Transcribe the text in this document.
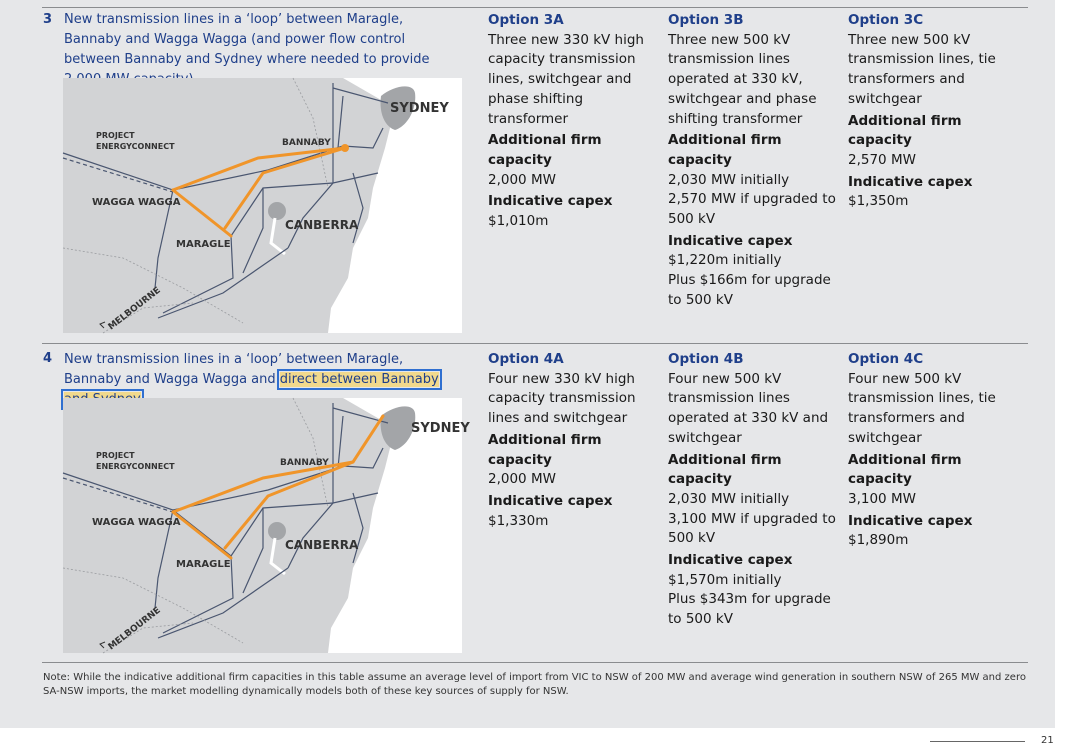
3 New transmission lines in a ‘loop’ between Maragle, Bannaby and Wagga Wagga (and power flow control between Bannaby and Sydney where needed to provide
SYDNEY
PROJECT
ENERGYCONNECT	BANNABY
WAGGA WAGGA
MARAGLE
CANBERRA
MELBOURNE
Option 3A
Three new 330 kV high capacity transmission lines, switchgear and phase shifting transformer
Additional firm capacity
2,000 MW
Indicative capex
$1,010m
Option 3B
Three new 500 kV transmission lines operated at 330 kV, switchgear and phase shifting transformer
Additional firm capacity
2,030 MW initially
2,570 MW if upgraded to 500 kV
Indicative capex
$1,220m initially
Plus $166m for upgrade to 500 kV
Option 3C
Three new 500 kV transmission lines, tie transformers and switchgear
Additional firm capacity
2,570 MW
Indicative capex
$1,350m
4 New transmission lines in a ‘loop’ between Maragle, Bannaby and Wagga Wagga and direct between Bannaby
SYDNEY
PROJECT
ENERGYCONNECT	BANNABY
WAGGA WAGGA
MARAGLE
CANBERRA
MELBOURNE
Option 4A
Four new 330 kV high capacity transmission lines and switchgear
Additional firm capacity
2,000 MW
Indicative capex
$1,330m
Option 4B
Four new 500 kV transmission lines operated at 330 kV and switchgear
Additional firm capacity
2,030 MW initially
3,100 MW if upgraded to 500 kV
Indicative capex
$1,570m initially
Plus $343m for upgrade to 500 kV
Option 4C
Four new 500 kV transmission lines, tie transformers and switchgear
Additional firm capacity
3,100 MW
Indicative capex
$1,890m
Note: While the indicative additional firm capacities in this table assume an average level of import from VIC to NSW of 200 MW and average wind generation in southern NSW of 265 MW and zero SA-NSW imports, the market modelling dynamically models both of these key sources of supply for NSW.
21
